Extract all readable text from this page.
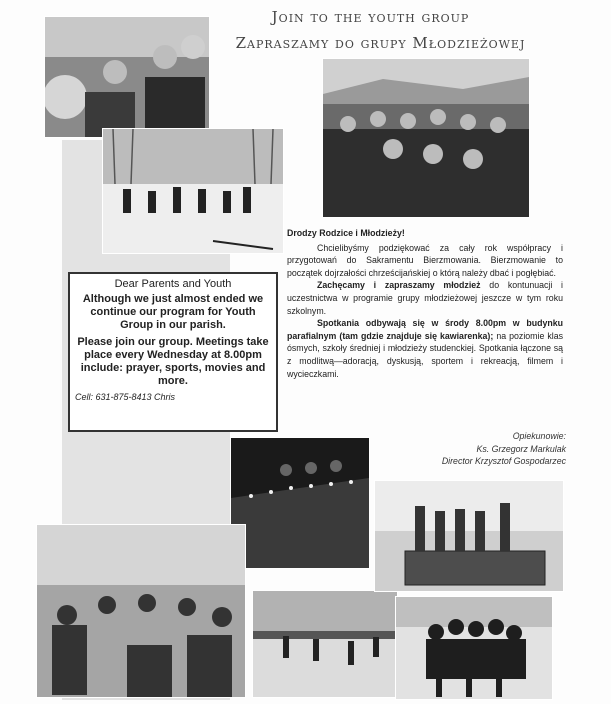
Join to the youth group
Zapraszamy do grupy Młodzieżowej
Dear Parents and Youth
Although we just almost ended we continue our program for Youth Group in our parish.
Please join our group. Meetings take place every Wednesday at 8.00pm include: prayer, sports, movies and more.
Cell: 631-875-8413 Chris
Drodzy Rodzice i Młodzieży!

Chcielibyśmy podziękować za cały rok współpracy i przygotowań do Sakramentu Bierzmowania. Bierzmowanie to początek dojrzałości chrześcijańskiej o którą należy dbać i pogłębiać.

Zachęcamy i zapraszamy młodzież do kontunuacji i uczestnictwa w programie grupy młodzieżowej jeszcze w tym roku szkolnym.

Spotkania odbywają się w środy 8.00pm w budynku parafialnym (tam gdzie znajduje się kawiarenka); na poziomie klas ósmych, szkoły średniej i młodzieży studenckiej. Spotkania łączone są z modlitwą—adoracją, dyskusją, sportem i rekreacją, filmem i wycieczkami.

Opiekunowie:
Ks. Grzegorz Markulak
Director Krzysztof Gospodarzec
